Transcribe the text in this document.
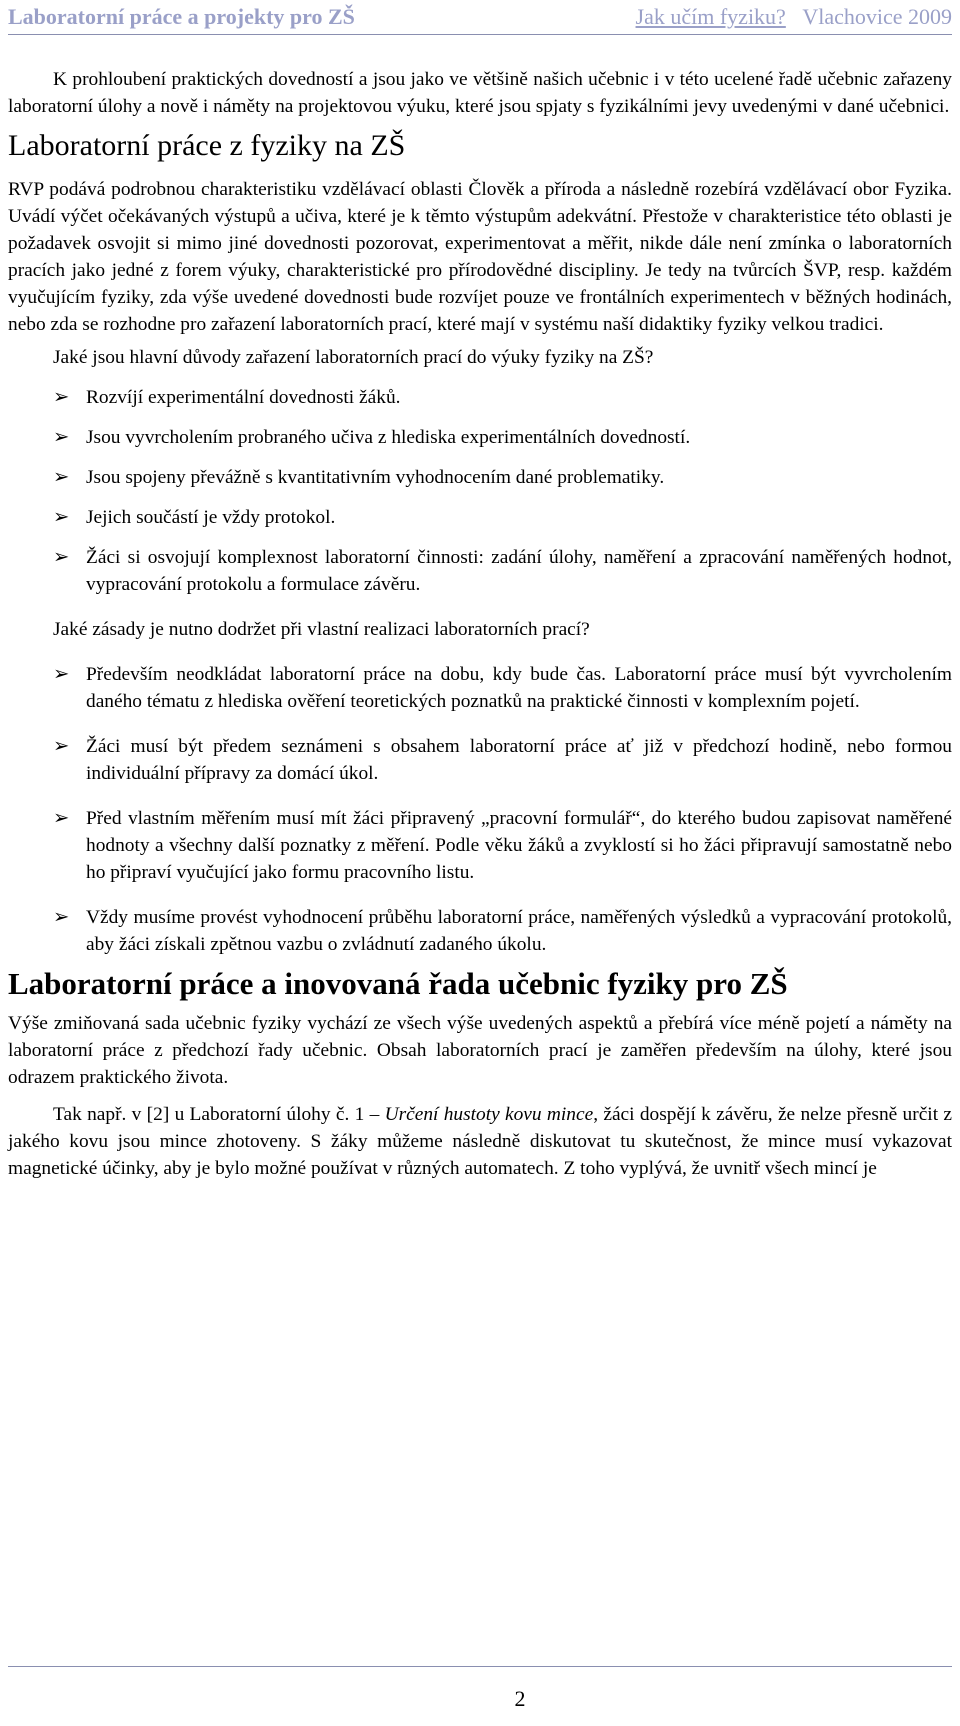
Laboratorní práce a projekty pro ZŠ	Jak učím fyziku? Vlachovice 2009

K prohloubení praktických dovedností a jsou jako ve většině našich učebnic i v této ucelené řadě učebnic zařazeny laboratorní úlohy a nově i náměty na projektovou výuku, které jsou spjaty s fyzikálními jevy uvedenými v dané učebnici.

Laboratorní práce z fyziky na ZŠ

RVP podává podrobnou charakteristiku vzdělávací oblasti Člověk a příroda a následně rozebírá vzdělávací obor Fyzika. Uvádí výčet očekávaných výstupů a učiva, které je k těmto výstupům adekvátní. Přestože v charakteristice této oblasti je požadavek osvojit si mimo jiné dovednosti pozorovat, experimentovat a měřit, nikde dále není zmínka o laboratorních pracích jako jedné z forem výuky, charakteristické pro přírodovědné discipliny. Je tedy na tvůrcích ŠVP, resp. každém vyučujícím fyziky, zda výše uvedené dovednosti bude rozvíjet pouze ve frontálních experimentech v běžných hodinách, nebo zda se rozhodne pro zařazení laboratorních prací, které mají v systému naší didaktiky fyziky velkou tradici.

Jaké jsou hlavní důvody zařazení laboratorních prací do výuky fyziky na ZŠ?

➢ Rozvíjí experimentální dovednosti žáků.
➢ Jsou vyvrcholením probraného učiva z hlediska experimentálních dovedností.
➢ Jsou spojeny převážně s kvantitativním vyhodnocením dané problematiky.
➢ Jejich součástí je vždy protokol.
➢ Žáci si osvojují komplexnost laboratorní činnosti: zadání úlohy, naměření a zpracování naměřených hodnot, vypracování protokolu a formulace závěru.

Jaké zásady je nutno dodržet při vlastní realizaci laboratorních prací?

➢ Především neodkládat laboratorní práce na dobu, kdy bude čas. Laboratorní práce musí být vyvrcholením daného tématu z hlediska ověření teoretických poznatků na praktické činnosti v komplexním pojetí.
➢ Žáci musí být předem seznámeni s obsahem laboratorní práce ať již v předchozí hodině, nebo formou individuální přípravy za domácí úkol.
➢ Před vlastním měřením musí mít žáci připravený „pracovní formulář“, do kterého budou zapisovat naměřené hodnoty a všechny další poznatky z měření. Podle věku žáků a zvyklostí si ho žáci připravují samostatně nebo ho připraví vyučující jako formu pracovního listu.
➢ Vždy musíme provést vyhodnocení průběhu laboratorní práce, naměřených výsledků a vypracování protokolů, aby žáci získali zpětnou vazbu o zvládnutí zadaného úkolu.
Laboratorní práce a inovovaná řada učebnic fyziky pro ZŠ

Výše zmiňovaná sada učebnic fyziky vychází ze všech výše uvedených aspektů a přebírá více méně pojetí a náměty na laboratorní práce z předchozí řady učebnic. Obsah laboratorních prací je zaměřen především na úlohy, které jsou odrazem praktického života.

Tak např. v [2] u Laboratorní úlohy č. 1 – Určení hustoty kovu mince, žáci dospějí k závěru, že nelze přesně určit z jakého kovu jsou mince zhotoveny. S žáky můžeme následně diskutovat tu skutečnost, že mince musí vykazovat magnetické účinky, aby je bylo možné používat v různých automatech. Z toho vyplývá, že uvnitř všech mincí je

2
